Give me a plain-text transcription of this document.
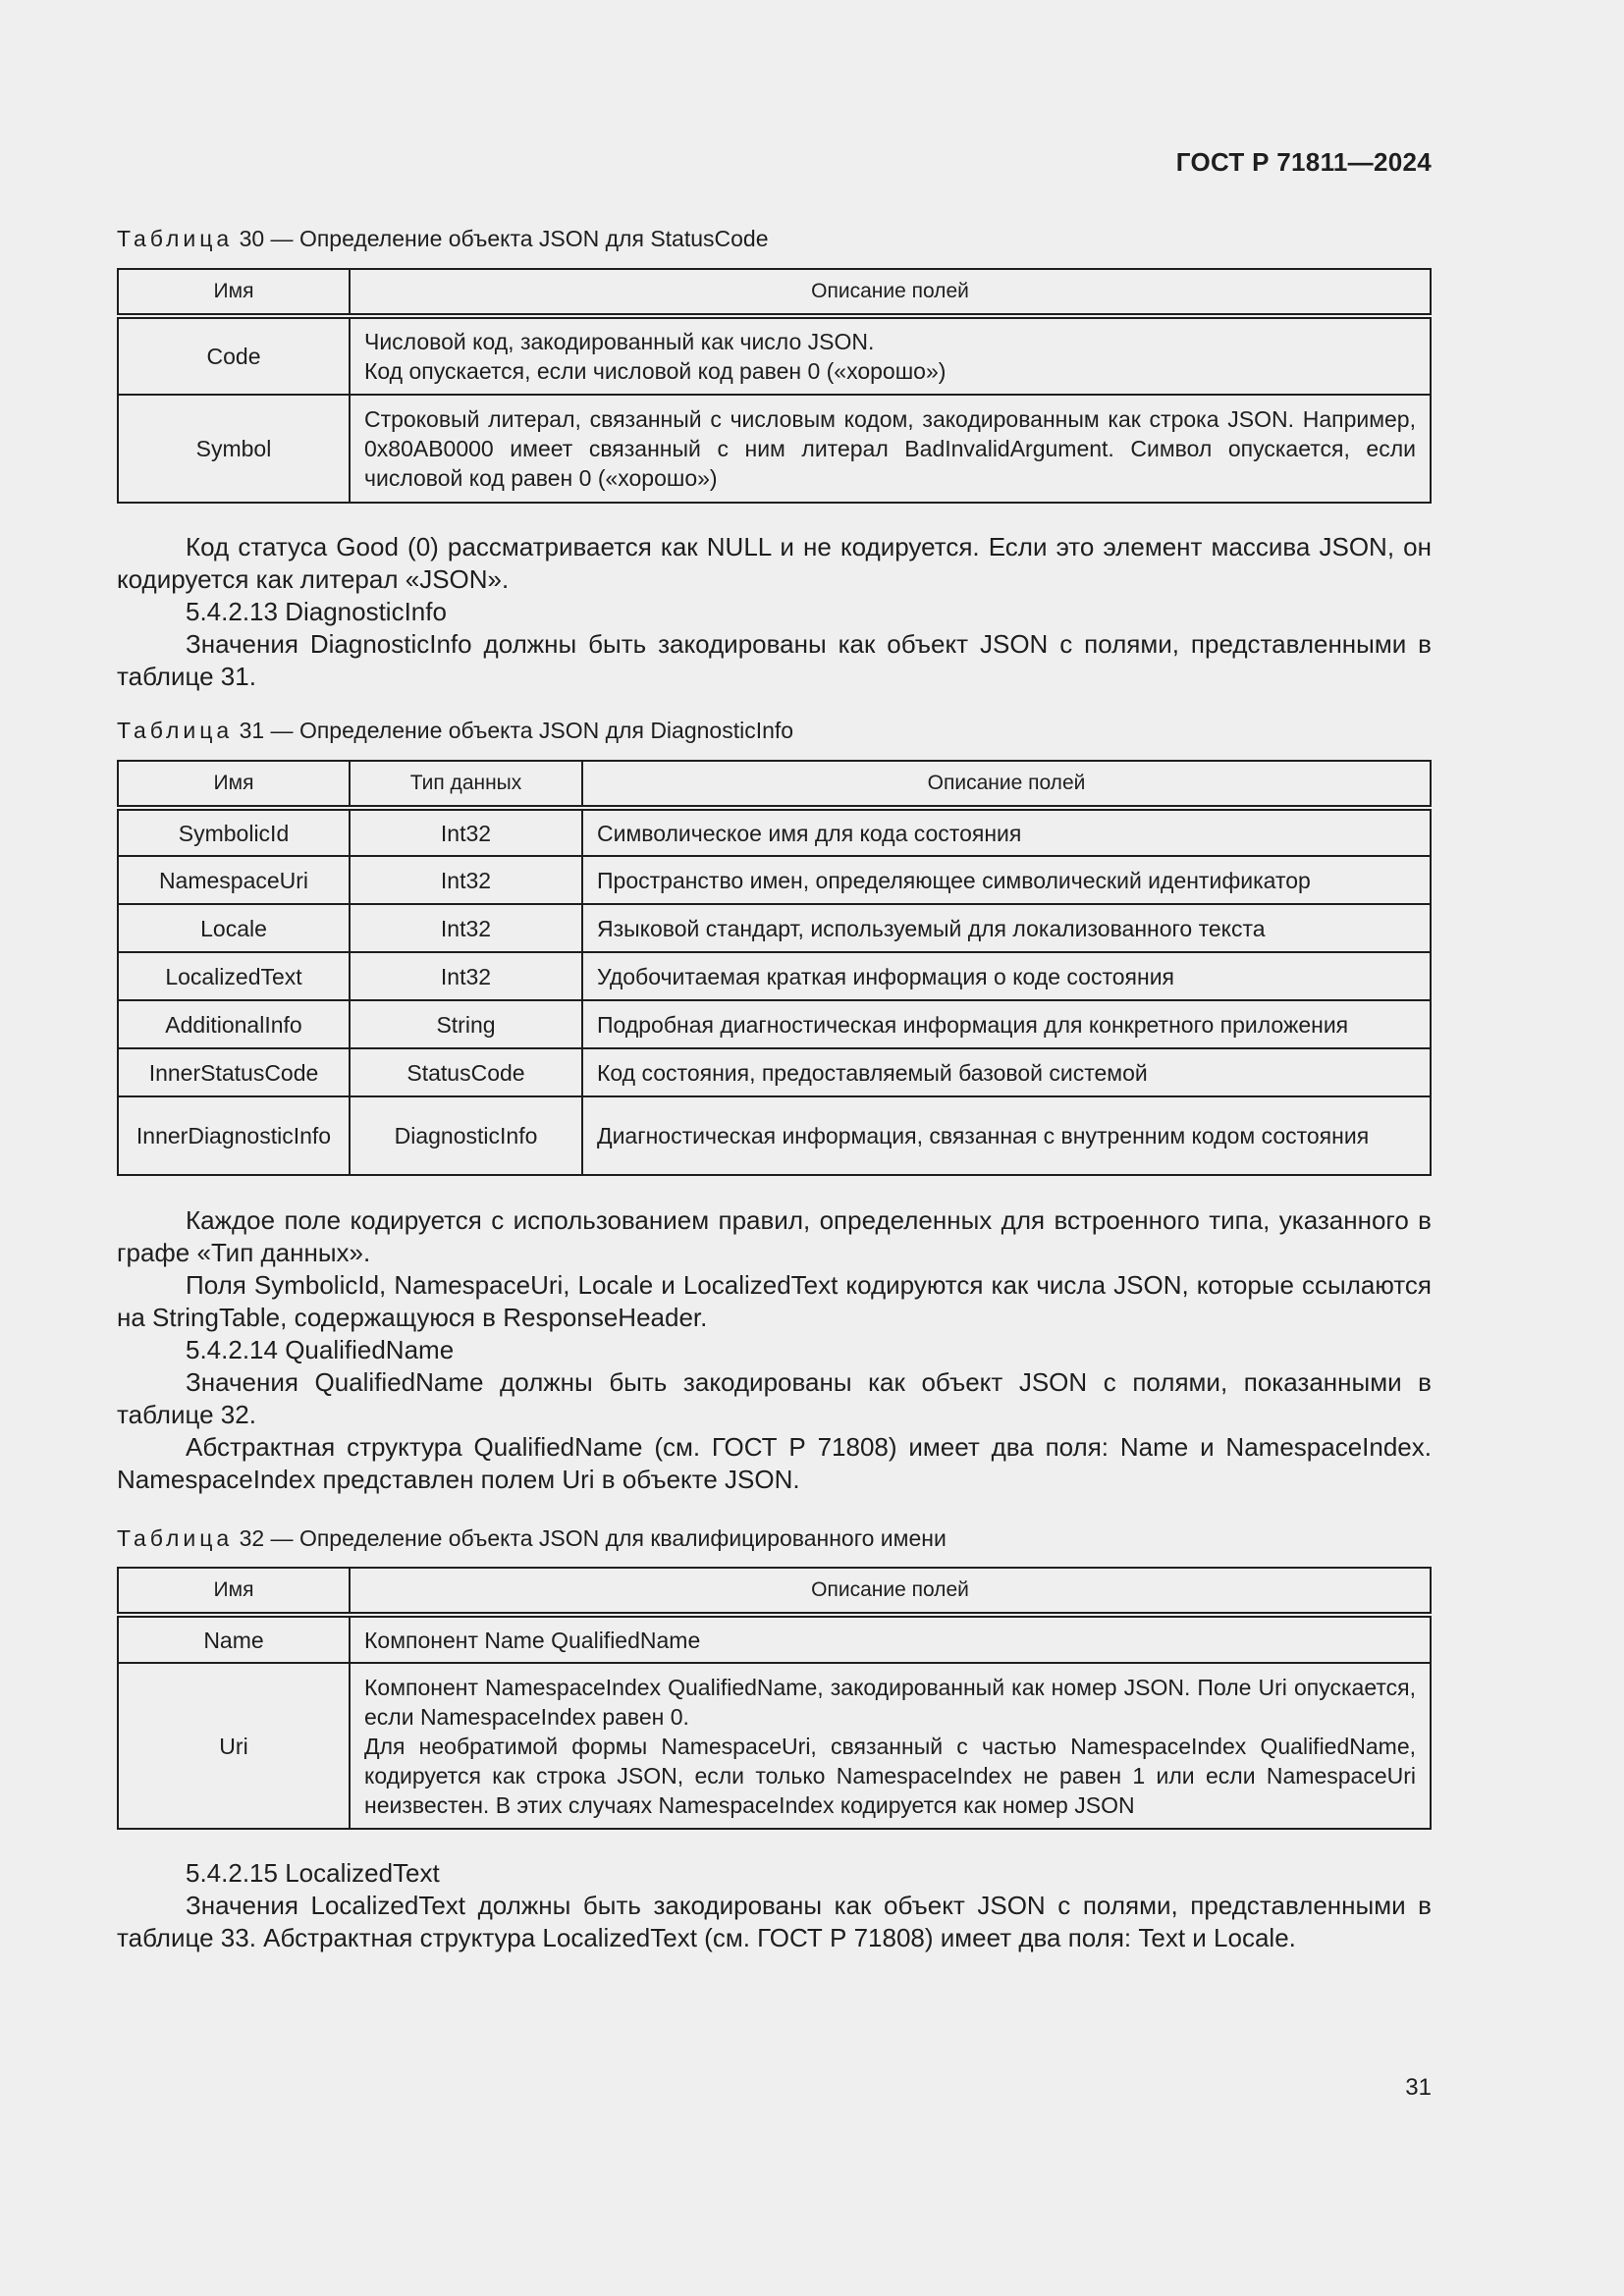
ГОСТ Р 71811—2024
Таблица 30 — Определение объекта JSON для StatusCode
Имя	Описание полей
Code	Числовой код, закодированный как число JSON.
Код опускается, если числовой код равен 0 («хорошо»)

Symbol	Строковый литерал, связанный с числовым кодом, закодированным как строка JSON. Например, 0x80AB0000 имеет связанный с ним литерал BadInvalidArgument. Символ опускается, если числовой код равен 0 («хорошо»)

Код статуса Good (0) рассматривается как NULL и не кодируется. Если это элемент массива JSON, он кодируется как литерал «JSON».

5.4.2.13 DiagnosticInfo

Значения DiagnosticInfo должны быть закодированы как объект JSON с полями, представленными в таблице 31.

Таблица 31 — Определение объекта JSON для DiagnosticInfo
Имя	Тип данных	Описание полей
SymbolicId	Int32	Символическое имя для кода состояния
NamespaceUri	Int32	Пространство имен, определяющее символический идентификатор
Locale	Int32	Языковой стандарт, используемый для локализованного текста
LocalizedText	Int32	Удобочитаемая краткая информация о коде состояния
AdditionalInfo	String	Подробная диагностическая информация для конкретного приложения
InnerStatusCode	StatusCode	Код состояния, предоставляемый базовой системой
InnerDiagnosticInfo	DiagnosticInfo	Диагностическая информация, связанная с внутренним кодом состояния

Каждое поле кодируется с использованием правил, определенных для встроенного типа, указанного в графе «Тип данных».

Поля SymbolicId, NamespaceUri, Locale и LocalizedText кодируются как числа JSON, которые ссылаются на StringTable, содержащуюся в ResponseHeader.

5.4.2.14 QualifiedName

Значения QualifiedName должны быть закодированы как объект JSON с полями, показанными в таблице 32.

Абстрактная структура QualifiedName (см. ГОСТ Р 71808) имеет два поля: Name и NamespaceIndex. NamespaceIndex представлен полем Uri в объекте JSON.

Таблица 32 — Определение объекта JSON для квалифицированного имени
Имя	Описание полей
Name	Компонент Name QualifiedName
Uri	Компонент NamespaceIndex QualifiedName, закодированный как номер JSON. Поле Uri опускается, если NamespaceIndex равен 0.
Для необратимой формы NamespaceUri, связанный с частью NamespaceIndex QualifiedName, кодируется как строка JSON, если только NamespaceIndex не равен 1 или если NamespaceUri неизвестен. В этих случаях NamespaceIndex кодируется как номер JSON

5.4.2.15 LocalizedText

Значения LocalizedText должны быть закодированы как объект JSON с полями, представленными в таблице 33. Абстрактная структура LocalizedText (см. ГОСТ Р 71808) имеет два поля: Text и Locale.

31
